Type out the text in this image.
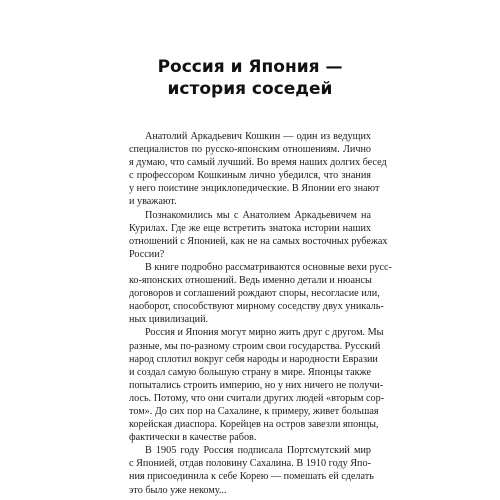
Россия и Япония —
история соседей
Анатолий Аркадьевич Кошкин — один из ведущих
специалистов по русско-японским отношениям. Лично
я думаю, что самый лучший. Во время наших долгих бесед
с профессором Кошкиным лично убедился, что знания
у него поистине энциклопедические. В Японии его знают
и уважают.
Познакомились мы с Анатолием Аркадьевичем на
Курилах. Где же еще встретить знатока истории наших
отношений с Японией, как не на самых восточных рубежах
России?
В книге подробно рассматриваются основные вехи русс-
ко-японских отношений. Ведь именно детали и нюансы
договоров и соглашений рождают споры, несогласие или,
наоборот, способствуют мирному соседству двух уникаль-
ных цивилизаций.
Россия и Япония могут мирно жить друг с другом. Мы
разные, мы по-разному строим свои государства. Русский
народ сплотил вокруг себя народы и народности Евразии
и создал самую большую страну в мире. Японцы также
попытались строить империю, но у них ничего не получи-
лось. Потому, что они считали других людей «вторым сор-
том». До сих пор на Сахалине, к примеру, живет большая
корейская диаспора. Корейцев на остров завезли японцы,
фактически в качестве рабов.
В 1905 году Россия подписала Портсмутский мир
с Японией, отдав половину Сахалина. В 1910 году Япо-
ния присоединила к себе Корею — помешать ей сделать
это было уже некому...
